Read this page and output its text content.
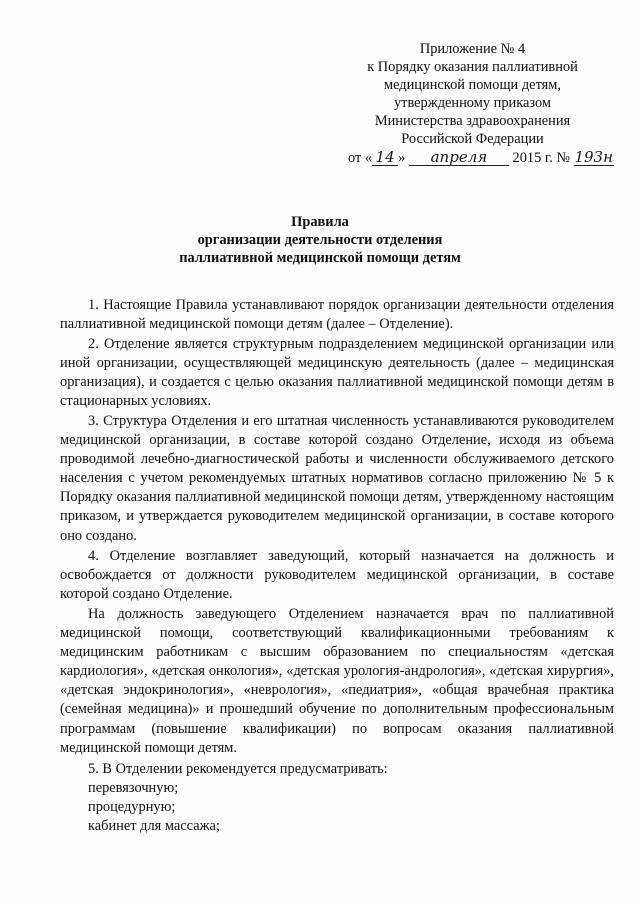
Приложение № 4
к Порядку оказания паллиативной
медицинской помощи детям,
утвержденному приказом
Министерства здравоохранения
Российской Федерации
от « 14 » апреля 2015 г. № 193н
Правила
организации деятельности отделения
паллиативной медицинской помощи детям
1. Настоящие Правила устанавливают порядок организации деятельности отделения паллиативной медицинской помощи детям (далее – Отделение).
2. Отделение является структурным подразделением медицинской организации или иной организации, осуществляющей медицинскую деятельность (далее – медицинская организация), и создается с целью оказания паллиативной медицинской помощи детям в стационарных условиях.
3. Структура Отделения и его штатная численность устанавливаются руководителем медицинской организации, в составе которой создано Отделение, исходя из объема проводимой лечебно-диагностической работы и численности обслуживаемого детского населения с учетом рекомендуемых штатных нормативов согласно приложению № 5 к Порядку оказания паллиативной медицинской помощи детям, утвержденному настоящим приказом, и утверждается руководителем медицинской организации, в составе которого оно создано.
4. Отделение возглавляет заведующий, который назначается на должность и освобождается от должности руководителем медицинской организации, в составе которой создано Отделение.
На должность заведующего Отделением назначается врач по паллиативной медицинской помощи, соответствующий квалификационными требованиям к медицинским работникам с высшим образованием по специальностям «детская кардиология», «детская онкология», «детская урология-андрология», «детская хирургия», «детская эндокринология», «неврология», «педиатрия», «общая врачебная практика (семейная медицина)» и прошедший обучение по дополнительным профессиональным программам (повышение квалификации) по вопросам оказания паллиативной медицинской помощи детям.
5. В Отделении рекомендуется предусматривать:
перевязочную;
процедурную;
кабинет для массажа;
